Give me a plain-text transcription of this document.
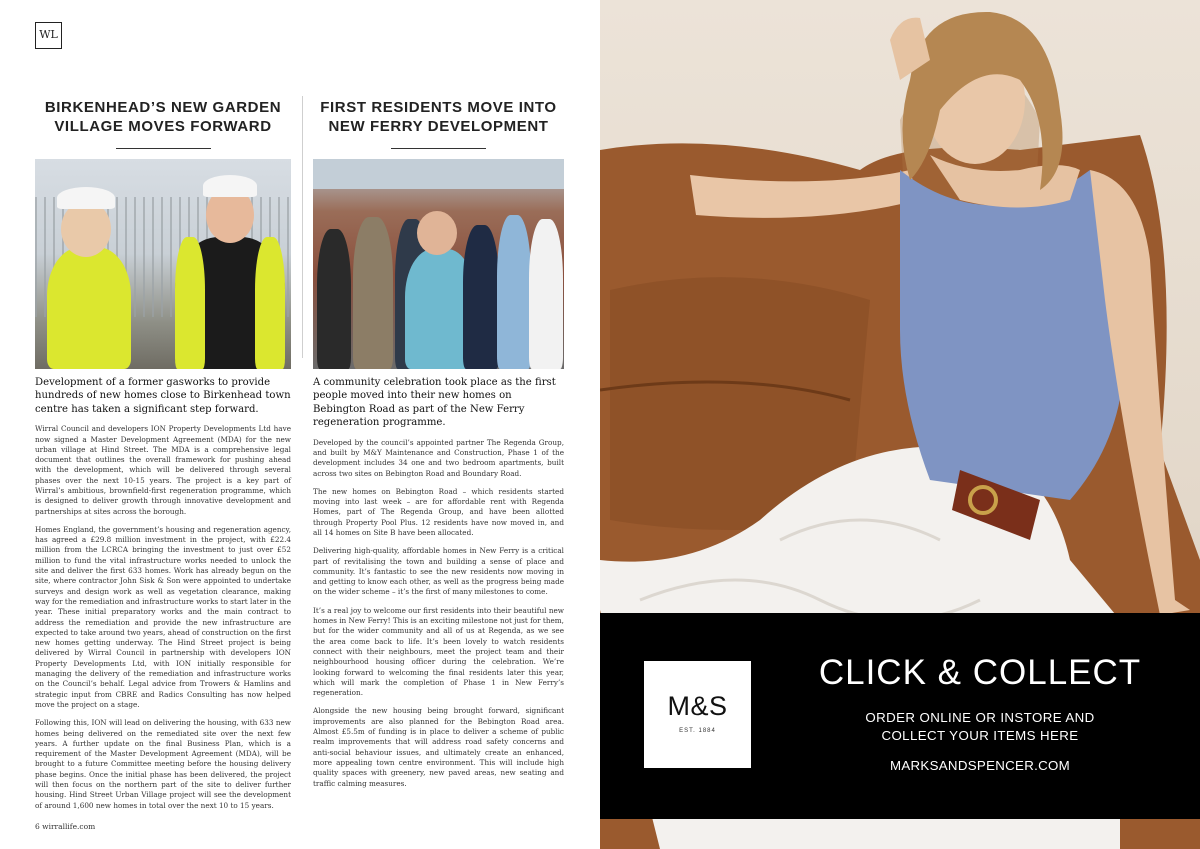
WL
BIRKENHEAD’S NEW GARDEN VILLAGE MOVES FORWARD

Development of a former gasworks to provide hundreds of new homes close to Birkenhead town centre has taken a significant step forward.

Wirral Council and developers ION Property Developments Ltd have now signed a Master Development Agreement (MDA) for the new urban village at Hind Street. The MDA is a comprehensive legal document that outlines the overall framework for pushing ahead with the development, which will be delivered through several phases over the next 10-15 years. The project is a key part of Wirral’s ambitious, brownfield-first regeneration programme, which is designed to deliver growth through innovative development and partnerships at sites across the borough.

Homes England, the government’s housing and regeneration agency, has agreed a £29.8 million investment in the project, with £22.4 million from the LCRCA bringing the investment to just over £52 million to fund the vital infrastructure works needed to unlock the site and deliver the first 633 homes. Work has already begun on the site, where contractor John Sisk & Son were appointed to undertake surveys and design work as well as vegetation clearance, making way for the remediation and infrastructure works to start later in the year. These initial preparatory works and the main contract to address the remediation and provide the new infrastructure are expected to take around two years, ahead of construction on the first new homes getting underway. The Hind Street project is being delivered by Wirral Council in partnership with developers ION Property Developments Ltd, with ION initially responsible for managing the delivery of the remediation and infrastructure works on the Council’s behalf. Legal advice from Trowers & Hamlins and strategic input from CBRE and Radics Consulting has now helped move the project on a stage.

Following this, ION will lead on delivering the housing, with 633 new homes being delivered on the remediated site over the next few years. A further update on the final Business Plan, which is a requirement of the Master Development Agreement (MDA), will be brought to a future Committee meeting before the housing delivery phase begins. Once the initial phase has been delivered, the project will then focus on the northern part of the site to deliver further housing. Hind Street Urban Village project will see the development of around 1,600 new homes in total over the next 10 to 15 years.

FIRST RESIDENTS MOVE INTO NEW FERRY DEVELOPMENT

A community celebration took place as the first people moved into their new homes on Bebington Road as part of the New Ferry regeneration programme.

Developed by the council’s appointed partner The Regenda Group, and built by M&Y Maintenance and Construction, Phase 1 of the development includes 34 one and two bedroom apartments, built across two sites on Bebington Road and Boundary Road.

The new homes on Bebington Road – which residents started moving into last week – are for affordable rent with Regenda Homes, part of The Regenda Group, and have been allotted through Property Pool Plus. 12 residents have now moved in, and all 14 homes on Site B have been allocated.

Delivering high-quality, affordable homes in New Ferry is a critical part of revitalising the town and building a sense of place and community. It’s fantastic to see the new residents now moving in and getting to know each other, as well as the progress being made on the wider scheme – it’s the first of many milestones to come.

It’s a real joy to welcome our first residents into their beautiful new homes in New Ferry! This is an exciting milestone not just for them, but for the wider community and all of us at Regenda, as we see the area come back to life. It’s been lovely to watch residents connect with their neighbours, meet the project team and their neighbourhood housing officer during the celebration. We’re looking forward to welcoming the final residents later this year, which will mark the completion of Phase 1 in New Ferry’s regeneration.

Alongside the new housing being brought forward, significant improvements are also planned for the Bebington Road area. Almost £5.5m of funding is in place to deliver a scheme of public realm improvements that will address road safety concerns and anti-social behaviour issues, and ultimately create an enhanced, more appealing town centre environment. This will include high quality spaces with greenery, new paved areas, new seating and traffic calming measures.

6 wirrallife.com
M&S
EST. 1884
CLICK & COLLECT
ORDER ONLINE OR INSTORE AND
COLLECT YOUR ITEMS HERE
MARKSANDSPENCER.COM
